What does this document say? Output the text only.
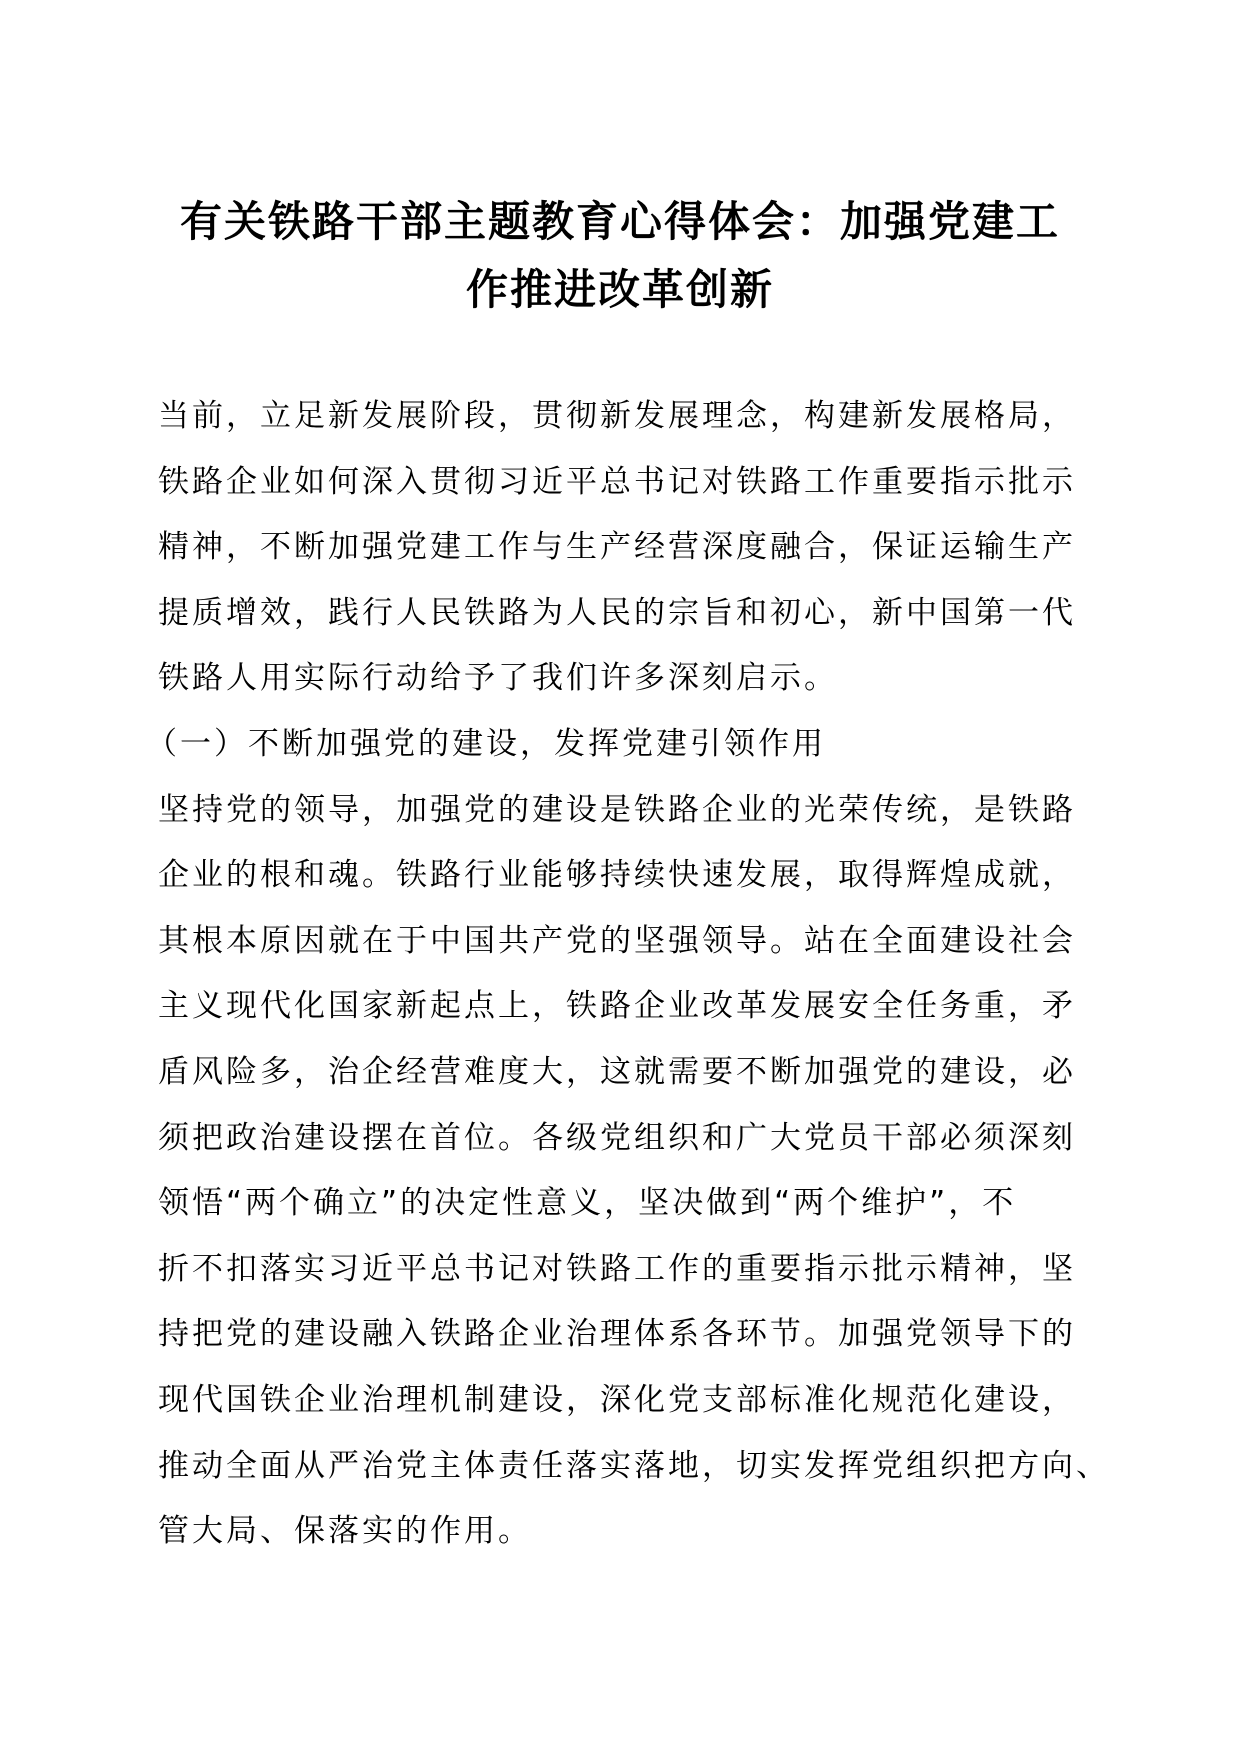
有关铁路干部主题教育心得体会：加强党建工
作推进改革创新
当前，立足新发展阶段，贯彻新发展理念，构建新发展格局，
铁路企业如何深入贯彻习近平总书记对铁路工作重要指示批示
精神，不断加强党建工作与生产经营深度融合，保证运输生产
提质增效，践行人民铁路为人民的宗旨和初心，新中国第一代
铁路人用实际行动给予了我们许多深刻启示。
（一）不断加强党的建设，发挥党建引领作用
坚持党的领导，加强党的建设是铁路企业的光荣传统，是铁路
企业的根和魂。铁路行业能够持续快速发展，取得辉煌成就，
其根本原因就在于中国共产党的坚强领导。站在全面建设社会
主义现代化国家新起点上，铁路企业改革发展安全任务重，矛
盾风险多，治企经营难度大，这就需要不断加强党的建设，必
须把政治建设摆在首位。各级党组织和广大党员干部必须深刻
领悟“两个确立”的决定性意义，坚决做到“两个维护”，不
折不扣落实习近平总书记对铁路工作的重要指示批示精神，坚
持把党的建设融入铁路企业治理体系各环节。加强党领导下的
现代国铁企业治理机制建设，深化党支部标准化规范化建设，
推动全面从严治党主体责任落实落地，切实发挥党组织把方向、
管大局、保落实的作用。
